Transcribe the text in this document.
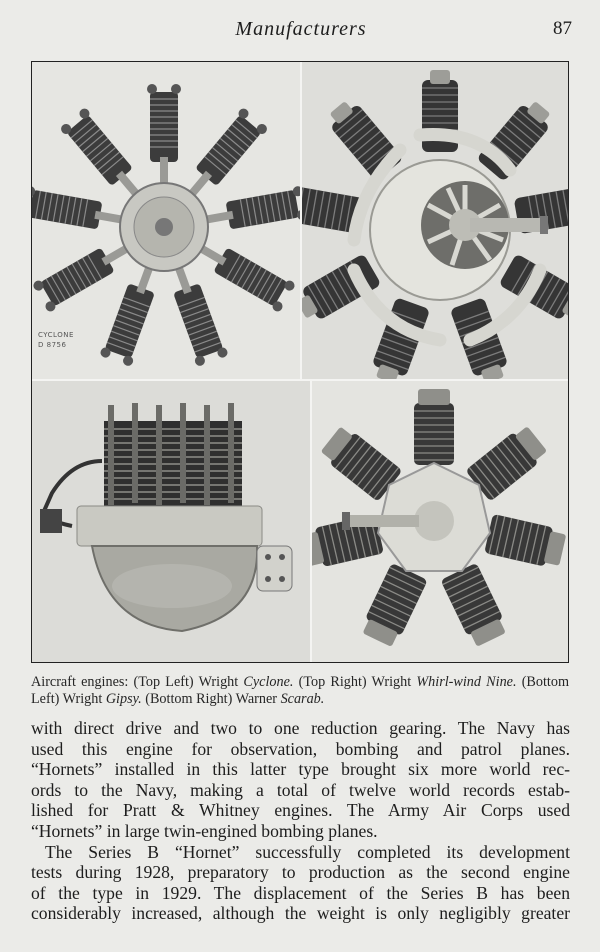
Manufacturers	87
CYCLONE
D 8756
Aircraft engines: (Top Left) Wright Cyclone. (Top Right) Wright Whirl-wind Nine. (Bottom Left) Wright Gipsy. (Bottom Right) Warner Scarab.

with direct drive and two to one reduction gearing. The Navy has

used this engine for observation, bombing and patrol planes.

“Hornets” installed in this latter type brought six more world rec-

ords to the Navy, making a total of twelve world records estab-

lished for Pratt & Whitney engines. The Army Air Corps used

“Hornets” in large twin-engined bombing planes.

The Series B “Hornet” successfully completed its development

tests during 1928, preparatory to production as the second engine

of the type in 1929. The displacement of the Series B has been

considerably increased, although the weight is only negligibly greater
